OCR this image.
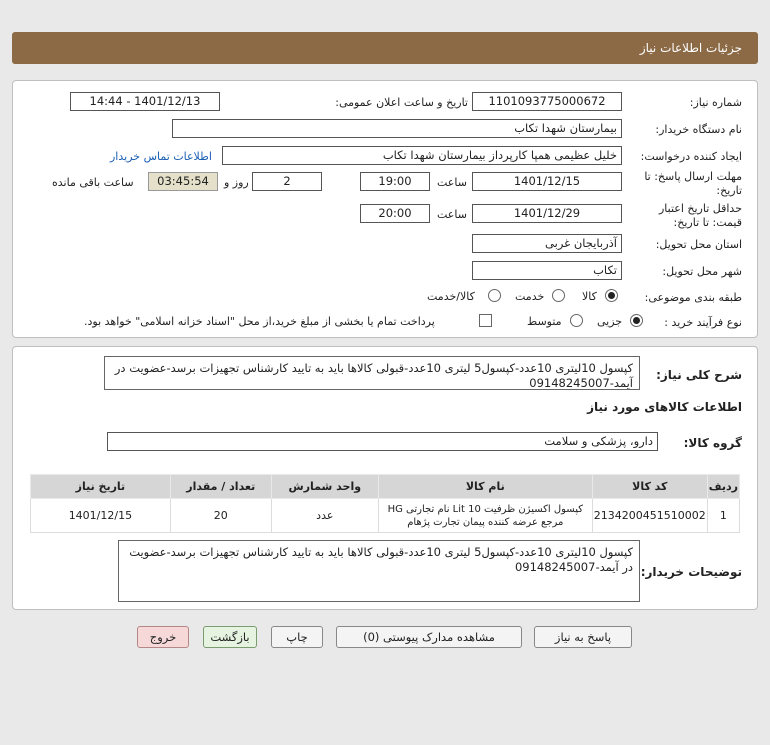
جزئیات اطلاعات نیاز
شماره نیاز:
1101093775000672
تاریخ و ساعت اعلان عمومی:
1401/12/13 - 14:44
نام دستگاه خریدار:
بیمارستان شهدا تکاب
ایجاد کننده درخواست:
خلیل عظیمی همپا کارپرداز بیمارستان شهدا تکاب
اطلاعات تماس خریدار
مهلت ارسال پاسخ: تا
تاریخ:
1401/12/15
ساعت
19:00
2
روز و
03:45:54
ساعت باقی مانده
حداقل تاریخ اعتبار
قیمت: تا تاریخ:
1401/12/29
ساعت
20:00
استان محل تحویل:
آذربایجان غربی
شهر محل تحویل:
تکاب
طبقه بندی موضوعی:
کالا
خدمت
کالا/خدمت
نوع فرآیند خرید :
جزیی
متوسط
پرداخت تمام یا بخشی از مبلغ خرید،از محل "اسناد خزانه اسلامی" خواهد بود.
شرح کلی نیاز:
کپسول 10لیتری 10عدد-کپسول5 لیتری 10عدد-قبولی کالاها باید به تایید کارشناس تجهیزات برسد-عضویت در آیمد-09148245007
اطلاعات کالاهای مورد نیاز
گروه کالا:
دارو، پزشکی و سلامت
ردیف	کد کالا	نام کالا	واحد شمارش	تعداد / مقدار	تاریخ نیاز
1	2134200451510002	کپسول اکسیژن ظرفیت 10 Lit نام تجارتی HG مرجع عرضه کننده پیمان تجارت پژهام	عدد	20	1401/12/15
توضیحات خریدار:
کپسول 10لیتری 10عدد-کپسول5 لیتری 10عدد-قبولی کالاها باید به تایید کارشناس تجهیزات برسد-عضویت در آیمد-09148245007
پاسخ به نیاز
مشاهده مدارک پیوستی (0)
چاپ
بازگشت
خروج
